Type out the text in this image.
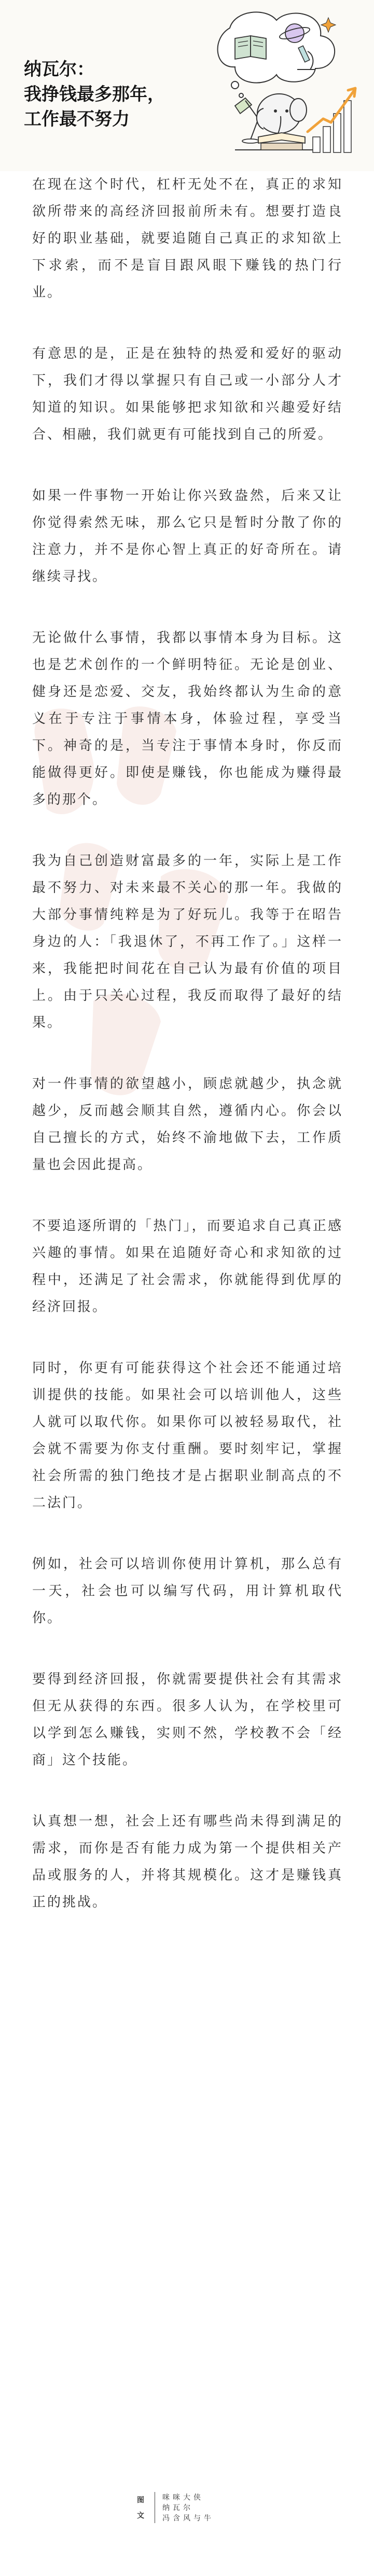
纳瓦尔：
我挣钱最多那年，
工作最不努力

在现在这个时代，杠杆无处不在，真正的求知欲所带来的高经济回报前所未有。想要打造良好的职业基础，就要追随自己真正的求知欲上下求索，而不是盲目跟风眼下赚钱的热门行业。

有意思的是，正是在独特的热爱和爱好的驱动下，我们才得以掌握只有自己或一小部分人才知道的知识。如果能够把求知欲和兴趣爱好结合、相融，我们就更有可能找到自己的所爱。

如果一件事物一开始让你兴致盎然，后来又让你觉得索然无味，那么它只是暂时分散了你的注意力，并不是你心智上真正的好奇所在。请继续寻找。

无论做什么事情，我都以事情本身为目标。这也是艺术创作的一个鲜明特征。无论是创业、健身还是恋爱、交友，我始终都认为生命的意义在于专注于事情本身，体验过程，享受当下。神奇的是，当专注于事情本身时，你反而能做得更好。即使是赚钱，你也能成为赚得最多的那个。

我为自己创造财富最多的一年，实际上是工作最不努力、对未来最不关心的那一年。我做的大部分事情纯粹是为了好玩儿。我等于在昭告身边的人：「我退休了，不再工作了。」这样一来，我能把时间花在自己认为最有价值的项目上。由于只关心过程，我反而取得了最好的结果。

对一件事情的欲望越小，顾虑就越少，执念就越少，反而越会顺其自然，遵循内心。你会以自己擅长的方式，始终不渝地做下去，工作质量也会因此提高。

不要追逐所谓的「热门」，而要追求自己真正感兴趣的事情。如果在追随好奇心和求知欲的过程中，还满足了社会需求，你就能得到优厚的经济回报。

同时，你更有可能获得这个社会还不能通过培训提供的技能。如果社会可以培训他人，这些人就可以取代你。如果你可以被轻易取代，社会就不需要为你支付重酬。要时刻牢记，掌握社会所需的独门绝技才是占据职业制高点的不二法门。

例如，社会可以培训你使用计算机，那么总有一天，社会也可以编写代码，用计算机取代你。

要得到经济回报，你就需要提供社会有其需求但无从获得的东西。很多人认为，在学校里可以学到怎么赚钱，实则不然，学校教不会「经商」这个技能。

认真想一想，社会上还有哪些尚未得到满足的需求，而你是否有能力成为第一个提供相关产品或服务的人，并将其规模化。这才是赚钱真正的挑战。

图
文
咪咪大侠
纳瓦尔
冯含风与牛
